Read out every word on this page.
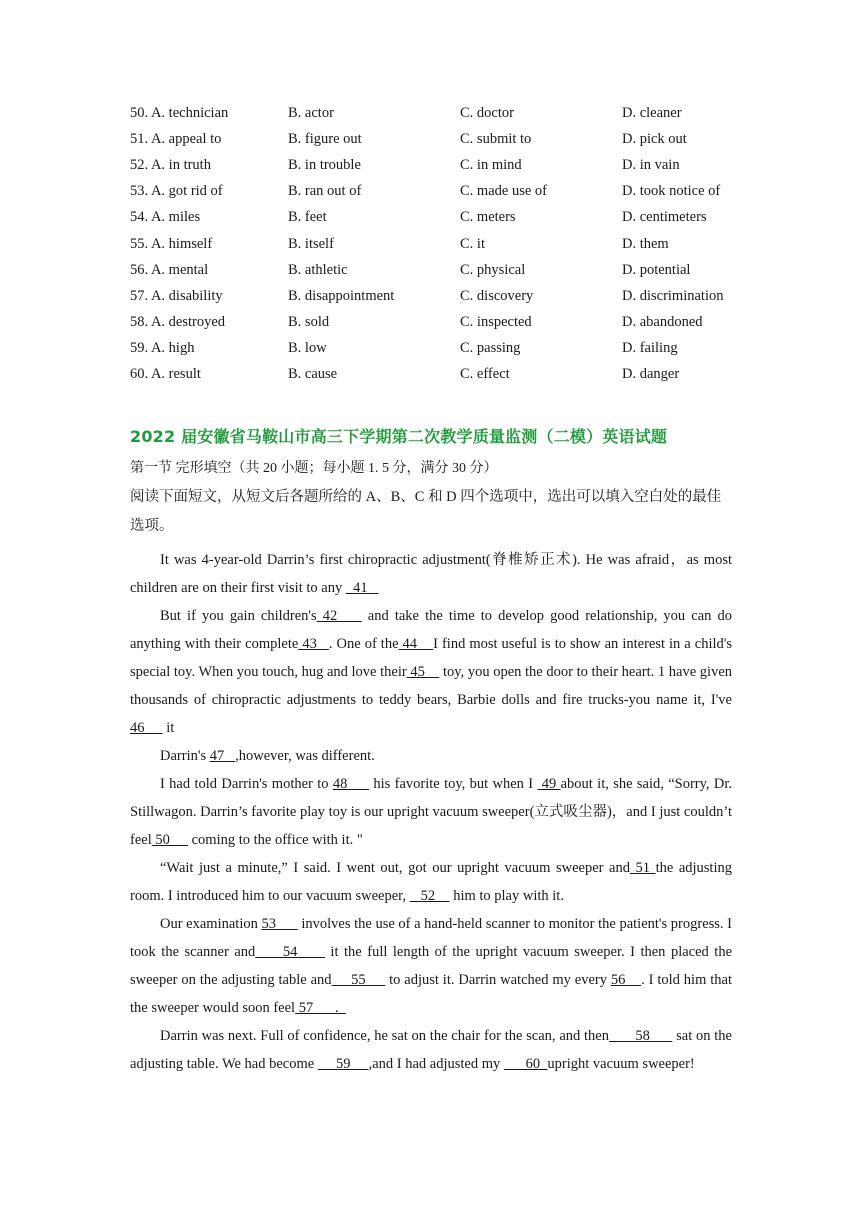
50. A. technician	B. actor	C. doctor	D. cleaner
51. A. appeal to	B. figure out	C. submit to	D. pick out
52. A. in truth	B. in trouble	C. in mind	D. in vain
53. A. got rid of	B. ran out of	C. made use of	D. took notice of
54. A. miles	B. feet	C. meters	D. centimeters
55. A. himself	B. itself	C. it	D. them
56. A. mental	B. athletic	C. physical	D. potential
57. A. disability	B. disappointment	C. discovery	D. discrimination
58. A. destroyed	B. sold	C. inspected	D. abandoned
59. A. high	B. low	C. passing	D. failing
60. A. result	B. cause	C. effect	D. danger
2022 届安徽省马鞍山市高三下学期第二次教学质量监测（二模）英语试题
第一节 完形填空（共 20 小题；每小题 1. 5 分，满分 30 分）
阅读下面短文，从短文后各题所给的 A、B、C 和 D 四个选项中，选出可以填入空白处的最佳选项。

It was 4-year-old Darrin’s first chiropractic adjustment(脊椎矫正术). He was afraid，as most children are on their first visit to any   41

But if you gain children's 42     and take the time to develop good relationship, you can do anything with their complete 43   . One of the 44    I find most useful is to show an interest in a child's special toy. When you touch, hug and love their 45     toy, you open the door to their heart. 1 have given thousands of chiropractic adjustments to teddy bears, Barbie dolls and fire trucks-you name it, I've 46      it

Darrin's 47   ,however, was different.

I had told Darrin's mother to 48      his favorite toy, but when I  49 about it, she said, “Sorry, Dr. Stillwagon. Darrin’s favorite play toy is our upright vacuum sweeper(立式吸尘器)，and I just couldn’t feel 50      coming to the office with it. "

“Wait just a minute,” I said. I went out, got our upright vacuum sweeper and 51 the adjusting room. I introduced him to our vacuum sweeper,    52     him to play with it.

Our examination 53       involves the use of a hand-held scanner to monitor the patient's progress. I took the scanner and     54      it the full length of the upright vacuum sweeper. I then placed the sweeper on the adjusting table and     55      to adjust it. Darrin watched my every 56    . I told him that the sweeper would soon feel 57      .

Darrin was next. Full of confidence, he sat on the chair for the scan, and then       58       sat on the adjusting table. We had become      59     ,and I had adjusted my       60  upright vacuum sweeper!
